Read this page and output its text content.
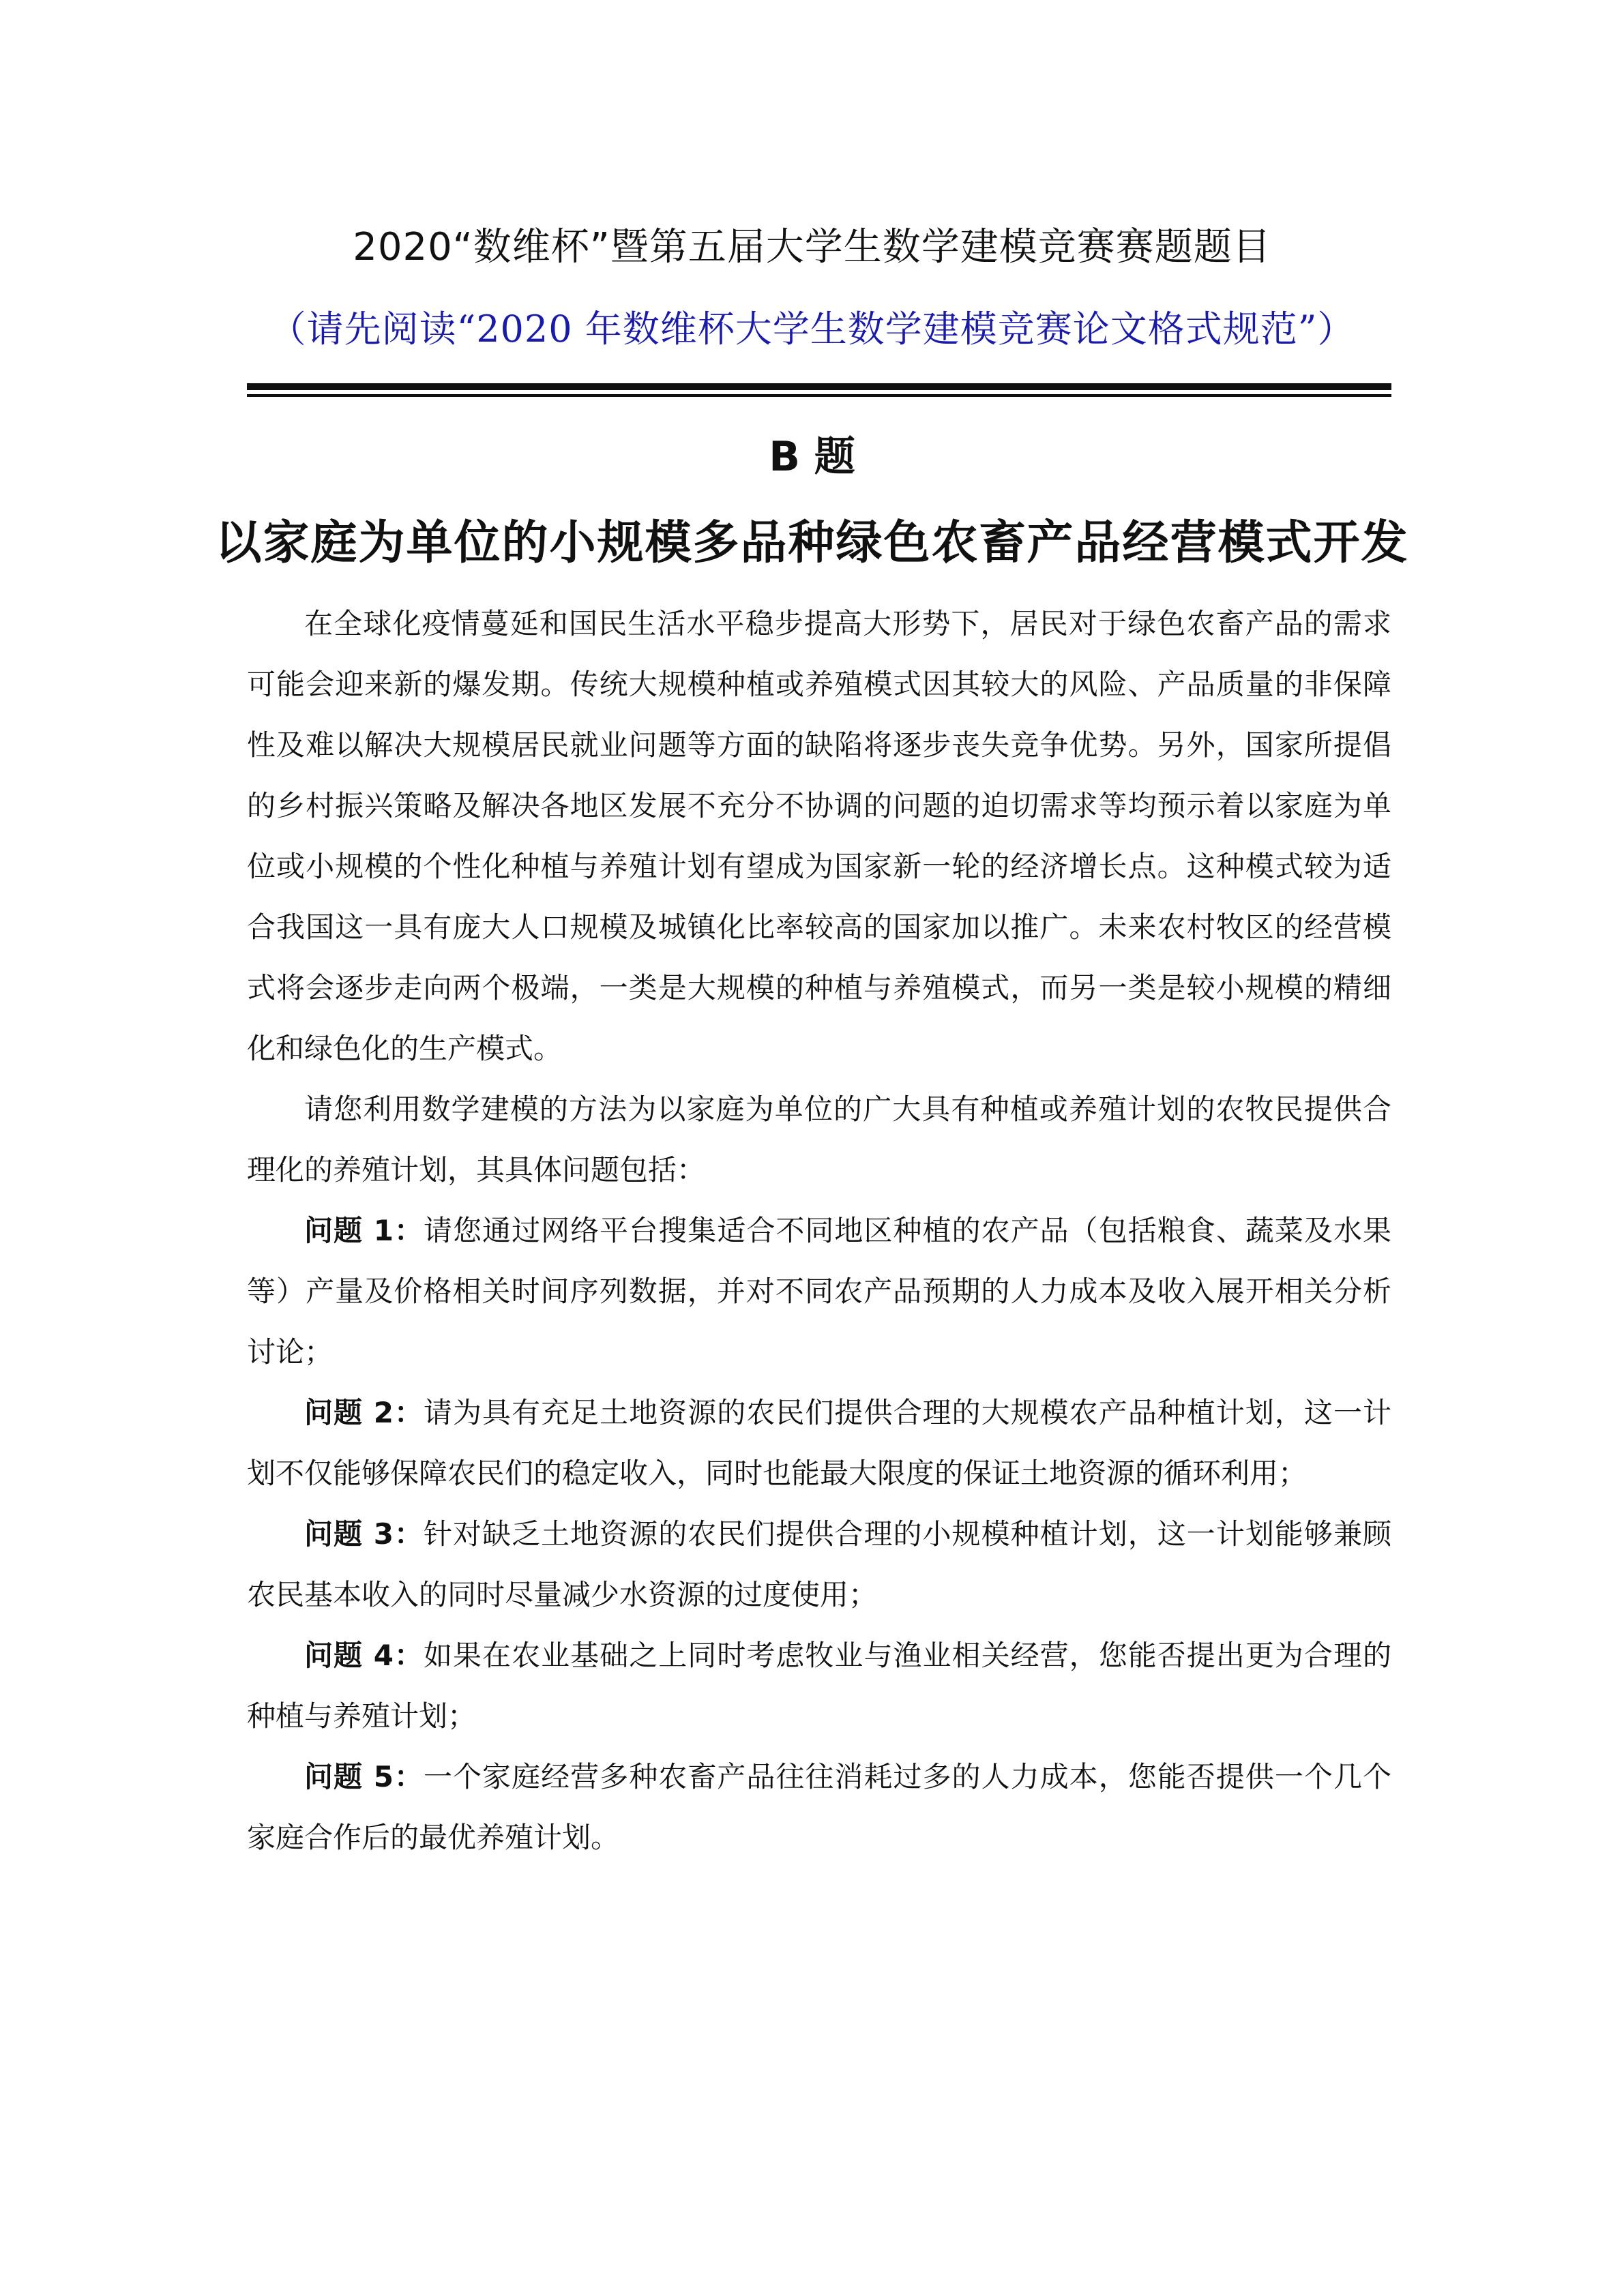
2020“数维杯”暨第五届大学生数学建模竞赛赛题题目
（请先阅读“2020 年数维杯大学生数学建模竞赛论文格式规范”）
B 题
以家庭为单位的小规模多品种绿色农畜产品经营模式开发

在全球化疫情蔓延和国民生活水平稳步提高大形势下，居民对于绿色农畜产品的需求可能会迎来新的爆发期。传统大规模种植或养殖模式因其较大的风险、产品质量的非保障性及难以解决大规模居民就业问题等方面的缺陷将逐步丧失竞争优势。另外，国家所提倡的乡村振兴策略及解决各地区发展不充分不协调的问题的迫切需求等均预示着以家庭为单位或小规模的个性化种植与养殖计划有望成为国家新一轮的经济增长点。这种模式较为适合我国这一具有庞大人口规模及城镇化比率较高的国家加以推广。未来农村牧区的经营模式将会逐步走向两个极端，一类是大规模的种植与养殖模式，而另一类是较小规模的精细化和绿色化的生产模式。

请您利用数学建模的方法为以家庭为单位的广大具有种植或养殖计划的农牧民提供合理化的养殖计划，其具体问题包括：

问题 1：请您通过网络平台搜集适合不同地区种植的农产品（包括粮食、蔬菜及水果等）产量及价格相关时间序列数据，并对不同农产品预期的人力成本及收入展开相关分析讨论；

问题 2：请为具有充足土地资源的农民们提供合理的大规模农产品种植计划，这一计划不仅能够保障农民们的稳定收入，同时也能最大限度的保证土地资源的循环利用；

问题 3：针对缺乏土地资源的农民们提供合理的小规模种植计划，这一计划能够兼顾农民基本收入的同时尽量减少水资源的过度使用；

问题 4：如果在农业基础之上同时考虑牧业与渔业相关经营，您能否提出更为合理的种植与养殖计划；

问题 5：一个家庭经营多种农畜产品往往消耗过多的人力成本，您能否提供一个几个家庭合作后的最优养殖计划。
